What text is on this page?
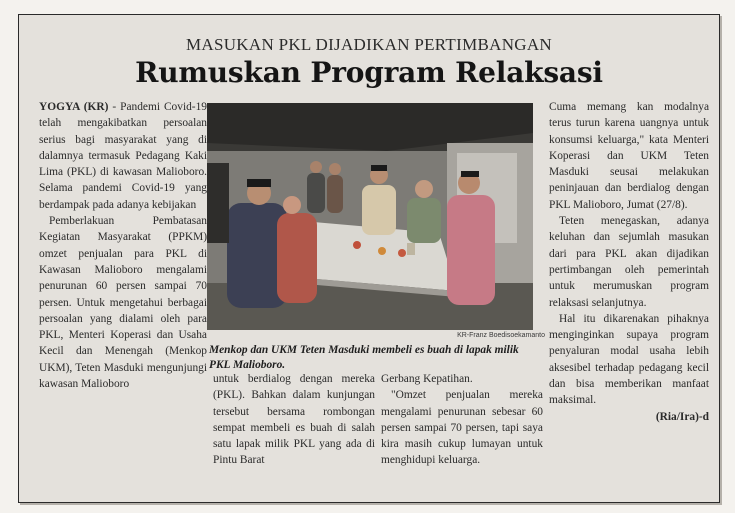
MASUKAN PKL DIJADIKAN PERTIMBANGAN
Rumuskan Program Relaksasi

YOGYA (KR) - Pandemi Covid-19 telah mengakibatkan persoalan serius bagi masyarakat yang di dalamnya termasuk Pedagang Kaki Lima (PKL) di kawasan Malioboro. Selama pandemi Covid-19 yang berdampak pada adanya kebijakan

Pemberlakuan Pembatasan Kegiatan Masyarakat (PPKM) omzet penjualan para PKL di Kawasan Malioboro mengalami penurunan 60 persen sampai 70 persen. Untuk mengetahui berbagai persoalan yang dialami oleh para PKL, Menteri Koperasi dan Usaha Kecil dan Menengah (Menkop UKM), Teten Masduki mengunjungi kawasan Malioboro

KR-Franz Boedisoekamanto
Menkop dan UKM Teten Masduki membeli es buah di lapak milik PKL Malioboro.

untuk berdialog dengan mereka (PKL). Bahkan dalam kunjungan tersebut bersama rombongan sempat membeli es buah di salah satu lapak milik PKL yang ada di Pintu Barat

Gerbang Kepatihan.

"Omzet penjualan mereka mengalami penurunan sebesar 60 persen sampai 70 persen, tapi saya kira masih cukup lumayan untuk menghidupi keluarga.

Cuma memang kan modalnya terus turun karena uangnya untuk konsumsi keluarga," kata Menteri Koperasi dan UKM Teten Masduki seusai melakukan peninjauan dan berdialog dengan PKL Malioboro, Jumat (27/8).

Teten menegaskan, adanya keluhan dan sejumlah masukan dari para PKL akan dijadikan pertimbangan oleh pemerintah untuk merumuskan program relaksasi selanjutnya.

Hal itu dikarenakan pihaknya menginginkan supaya program penyaluran modal usaha lebih aksesibel terhadap pedagang kecil dan bisa memberikan manfaat maksimal.

(Ria/Ira)-d
